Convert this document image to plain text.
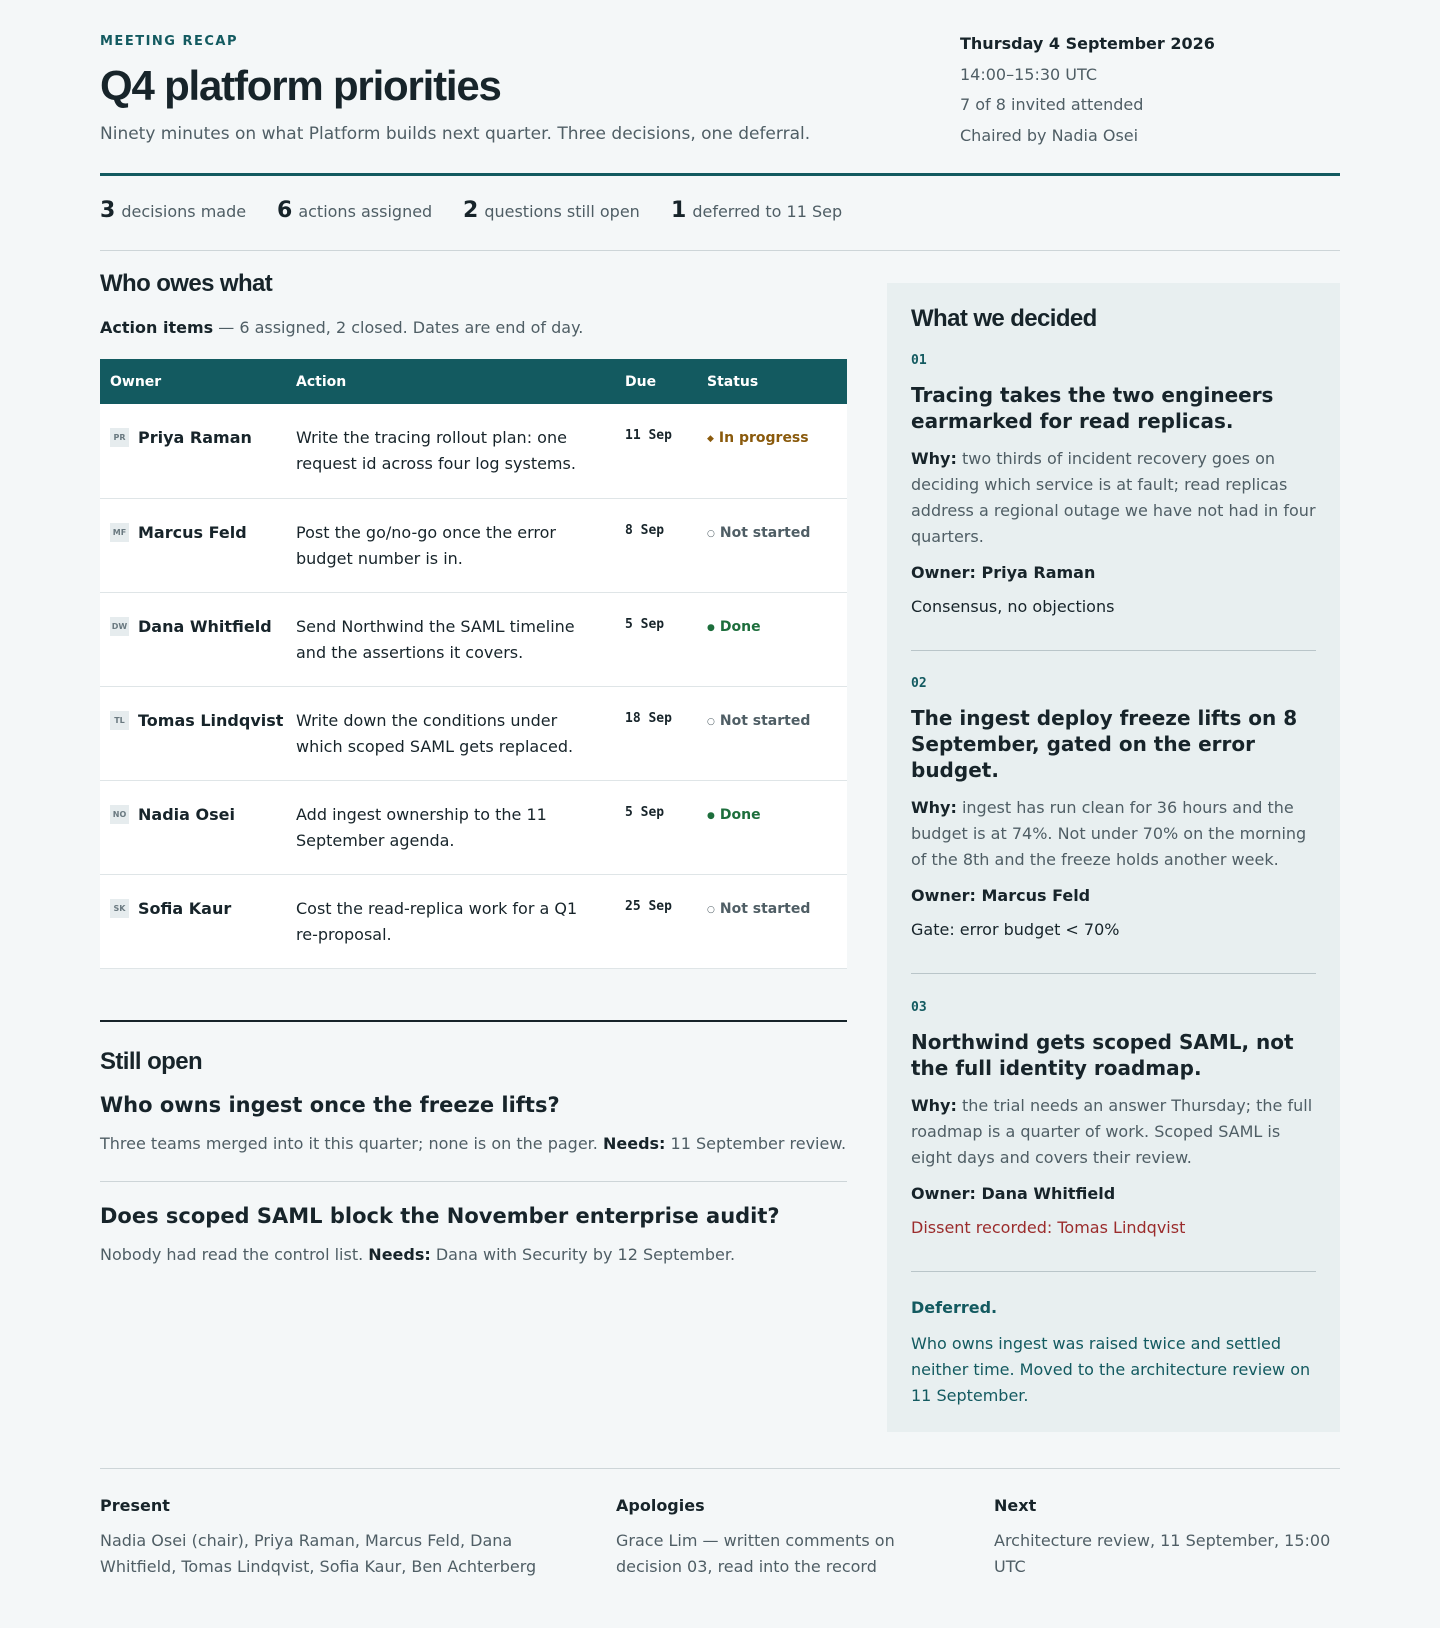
MEETING RECAP
Q4 platform priorities

Ninety minutes on what Platform builds next quarter. Three decisions, one deferral.

Thursday 4 September 2026
14:00–15:30 UTC
7 of 8 invited attended
Chaired by Nadia Osei
3 decisions made 6 actions assigned 2 questions still open 1 deferred to 11 Sep
Who owes what

Action items — 6 assigned, 2 closed. Dates are end of day.

Owner	Action	Due	Status

PR Priya Raman	Write the tracing rollout plan: one request id across four log systems.	11 Sep	◆ In progress

MF Marcus Feld	Post the go/no-go once the error budget number is in.	8 Sep	○ Not started

DW Dana Whitfield	Send Northwind the SAML timeline and the assertions it covers.	5 Sep	● Done

TL Tomas Lindqvist	Write down the conditions under which scoped SAML gets replaced.	18 Sep	○ Not started

NO Nadia Osei	Add ingest ownership to the 11 September agenda.	5 Sep	● Done

SK Sofia Kaur	Cost the read-replica work for a Q1 re-proposal.	25 Sep	○ Not started
Still open
Who owns ingest once the freeze lifts?

Three teams merged into it this quarter; none is on the pager. Needs: 11 September review.

Does scoped SAML block the November enterprise audit?

Nobody had read the control list. Needs: Dana with Security by 12 September.

What we decided
01
Tracing takes the two engineers earmarked for read replicas.

Why: two thirds of incident recovery goes on deciding which service is at fault; read replicas address a regional outage we have not had in four quarters.

Owner: Priya Raman
Consensus, no objections
02
The ingest deploy freeze lifts on 8 September, gated on the error budget.

Why: ingest has run clean for 36 hours and the budget is at 74%. Not under 70% on the morning of the 8th and the freeze holds another week.

Owner: Marcus Feld
Gate: error budget < 70%
03
Northwind gets scoped SAML, not the full identity roadmap.

Why: the trial needs an answer Thursday; the full roadmap is a quarter of work. Scoped SAML is eight days and covers their review.

Owner: Dana Whitfield
Dissent recorded: Tomas Lindqvist
Deferred.

Who owns ingest was raised twice and settled neither time. Moved to the architecture review on 11 September.

Present

Nadia Osei (chair), Priya Raman, Marcus Feld, Dana Whitfield, Tomas Lindqvist, Sofia Kaur, Ben Achterberg

Apologies

Grace Lim — written comments on decision 03, read into the record

Next

Architecture review, 11 September, 15:00 UTC
